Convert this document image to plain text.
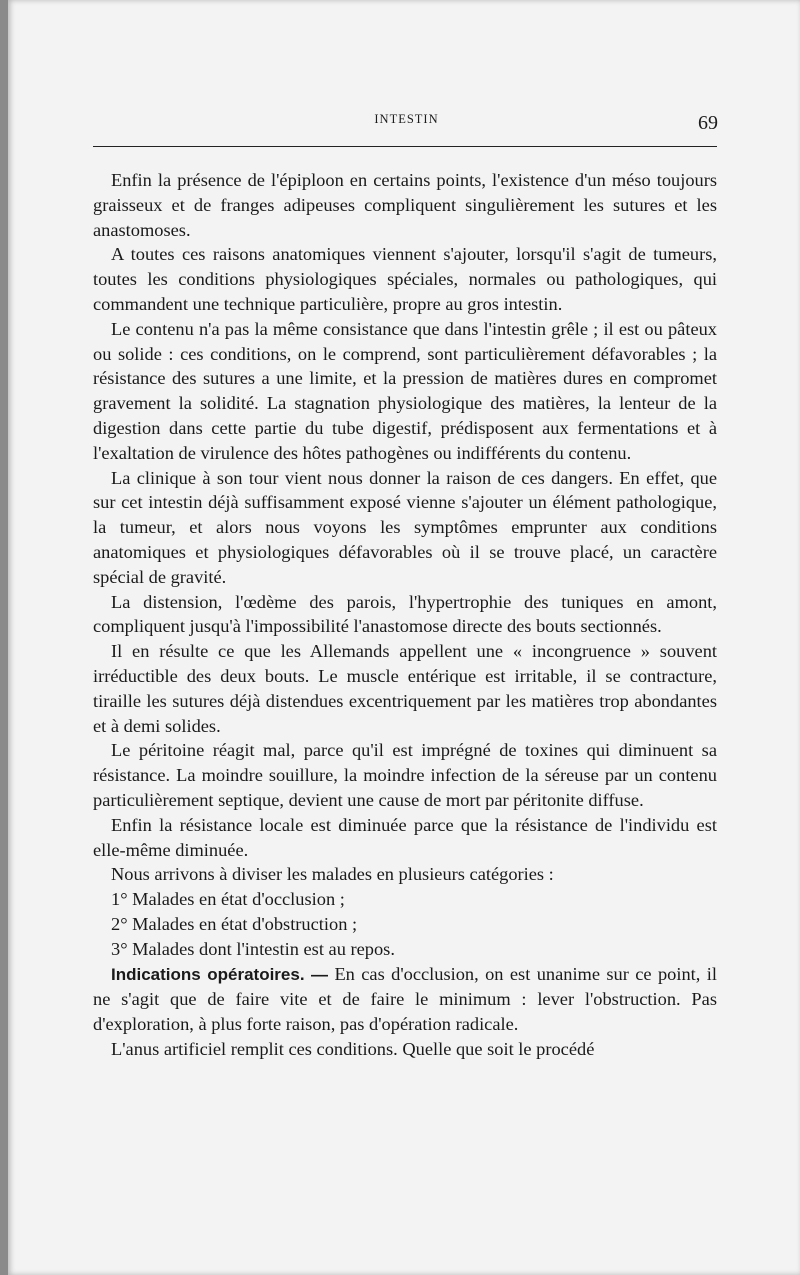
INTESTIN	69

Enfin la présence de l'épiploon en certains points, l'existence d'un méso toujours graisseux et de franges adipeuses compliquent singulièrement les sutures et les anastomoses.

A toutes ces raisons anatomiques viennent s'ajouter, lorsqu'il s'agit de tumeurs, toutes les conditions physiologiques spéciales, normales ou pathologiques, qui commandent une technique particulière, propre au gros intestin.

Le contenu n'a pas la même consistance que dans l'intestin grêle ; il est ou pâteux ou solide : ces conditions, on le comprend, sont particulièrement défavorables ; la résistance des sutures a une limite, et la pression de matières dures en compromet gravement la solidité. La stagnation physiologique des matières, la lenteur de la digestion dans cette partie du tube digestif, prédisposent aux fermentations et à l'exaltation de virulence des hôtes pathogènes ou indifférents du contenu.

La clinique à son tour vient nous donner la raison de ces dangers. En effet, que sur cet intestin déjà suffisamment exposé vienne s'ajouter un élément pathologique, la tumeur, et alors nous voyons les symptômes emprunter aux conditions anatomiques et physiologiques défavorables où il se trouve placé, un caractère spécial de gravité.

La distension, l'œdème des parois, l'hypertrophie des tuniques en amont, compliquent jusqu'à l'impossibilité l'anastomose directe des bouts sectionnés.

Il en résulte ce que les Allemands appellent une « incongruence » souvent irréductible des deux bouts. Le muscle entérique est irritable, il se contracture, tiraille les sutures déjà distendues excentriquement par les matières trop abondantes et à demi solides.

Le péritoine réagit mal, parce qu'il est imprégné de toxines qui diminuent sa résistance. La moindre souillure, la moindre infection de la séreuse par un contenu particulièrement septique, devient une cause de mort par péritonite diffuse.

Enfin la résistance locale est diminuée parce que la résistance de l'individu est elle-même diminuée.

Nous arrivons à diviser les malades en plusieurs catégories :

1° Malades en état d'occlusion ;

2° Malades en état d'obstruction ;

3° Malades dont l'intestin est au repos.

Indications opératoires. — En cas d'occlusion, on est unanime sur ce point, il ne s'agit que de faire vite et de faire le minimum : lever l'obstruction. Pas d'exploration, à plus forte raison, pas d'opération radicale.

L'anus artificiel remplit ces conditions. Quelle que soit le procédé
